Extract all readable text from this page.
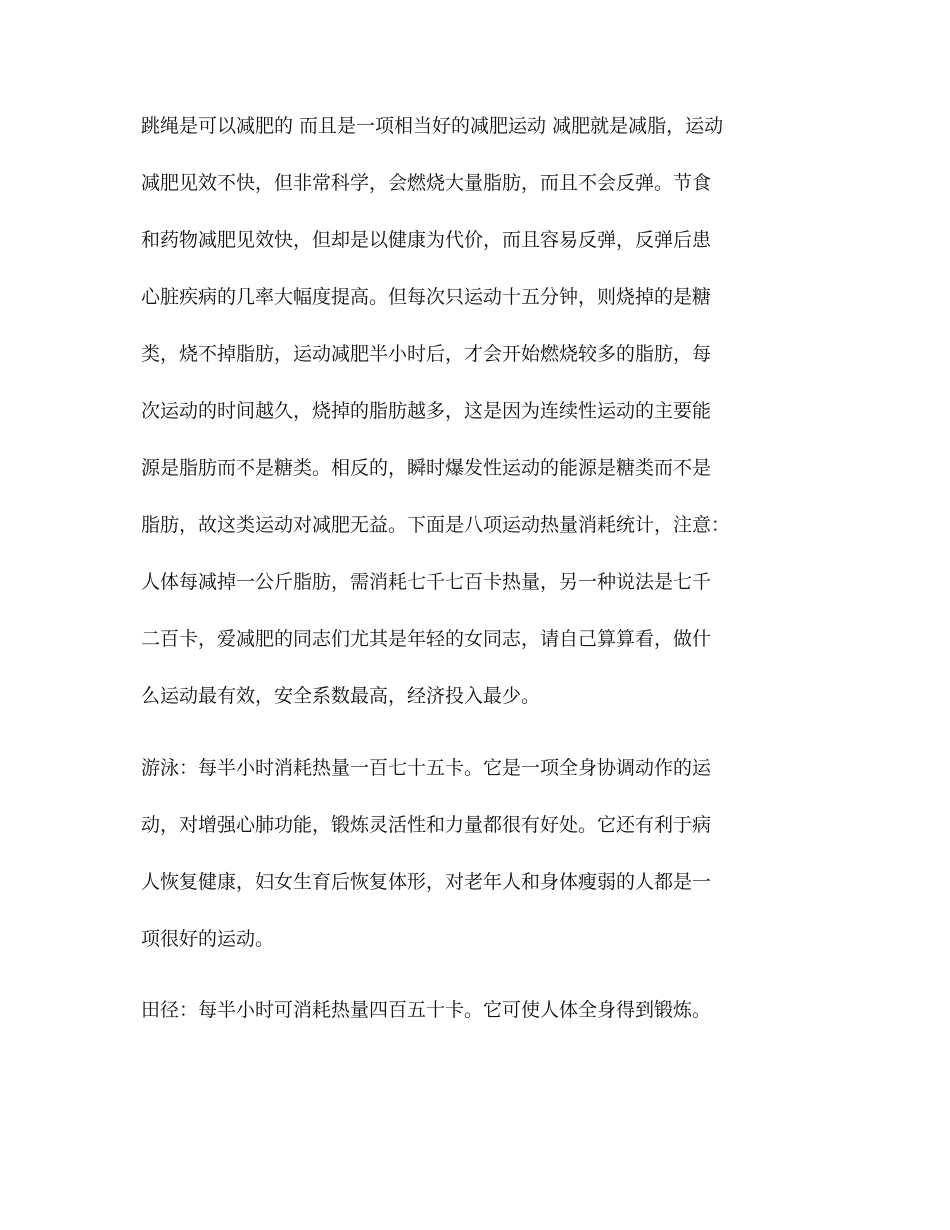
跳绳是可以减肥的 而且是一项相当好的减肥运动 减肥就是减脂，运动
减肥见效不快，但非常科学，会燃烧大量脂肪，而且不会反弹。节食
和药物减肥见效快，但却是以健康为代价，而且容易反弹，反弹后患
心脏疾病的几率大幅度提高。但每次只运动十五分钟，则烧掉的是糖
类，烧不掉脂肪，运动减肥半小时后，才会开始燃烧较多的脂肪，每
次运动的时间越久，烧掉的脂肪越多，这是因为连续性运动的主要能
源是脂肪而不是糖类。相反的，瞬时爆发性运动的能源是糖类而不是
脂肪，故这类运动对减肥无益。下面是八项运动热量消耗统计，注意：
人体每减掉一公斤脂肪，需消耗七千七百卡热量，另一种说法是七千
二百卡，爱减肥的同志们尤其是年轻的女同志，请自己算算看，做什
么运动最有效，安全系数最高，经济投入最少。
游泳：每半小时消耗热量一百七十五卡。它是一项全身协调动作的运
动，对增强心肺功能，锻炼灵活性和力量都很有好处。它还有利于病
人恢复健康，妇女生育后恢复体形，对老年人和身体瘦弱的人都是一
项很好的运动。
田径：每半小时可消耗热量四百五十卡。它可使人体全身得到锻炼。
